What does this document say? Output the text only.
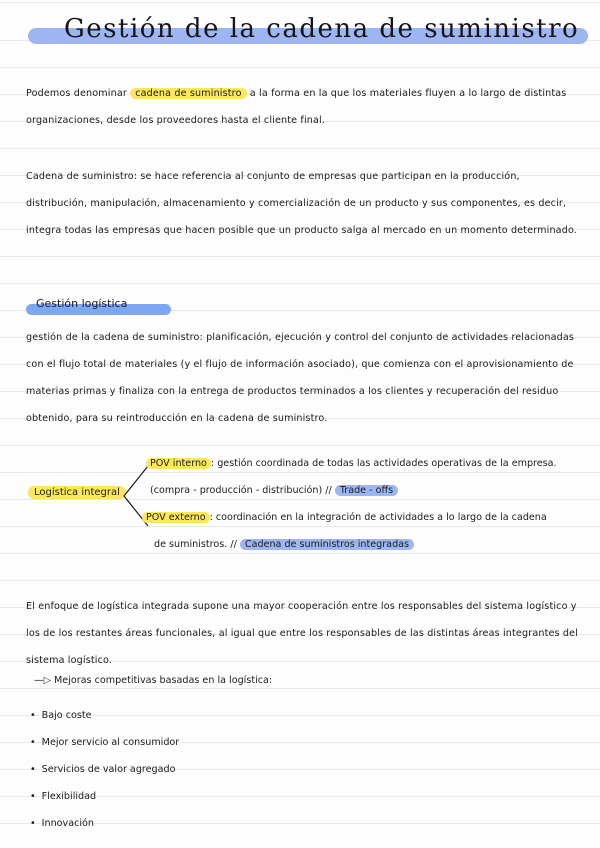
Gestión de la cadena de suministro
Podemos denominar cadena de suministro a la forma en la que los materiales fluyen a lo largo de distintas organizaciones, desde los proveedores hasta el cliente final.
Cadena de suministro: se hace referencia al conjunto de empresas que participan en la producción, distribución, manipulación, almacenamiento y comercialización de un producto y sus componentes, es decir, integra todas las empresas que hacen posible que un producto salga al mercado en un momento determinado.
Gestión logística
gestión de la cadena de suministro: planificación, ejecución y control del conjunto de actividades relacionadas con el flujo total de materiales (y el flujo de información asociado), que comienza con el aprovisionamiento de materias primas y finaliza con la entrega de productos terminados a los clientes y recuperación del residuo obtenido, para su reintroducción en la cadena de suministro.
Logística integral
POV interno : gestión coordinada de todas las actividades operativas de la empresa.
(compra - producción - distribución) // Trade - offs
POV externo : coordinación en la integración de actividades a lo largo de la cadena
de suministros. // Cadena de suministros integradas
El enfoque de logística integrada supone una mayor cooperación entre los responsables del sistema logístico y los de los restantes áreas funcionales, al igual que entre los responsables de las distintas áreas integrantes del sistema logístico.
—▷ Mejoras competitivas basadas en la logística:
• Bajo coste
• Mejor servicio al consumidor
• Servicios de valor agregado
• Flexibilidad
• Innovación
